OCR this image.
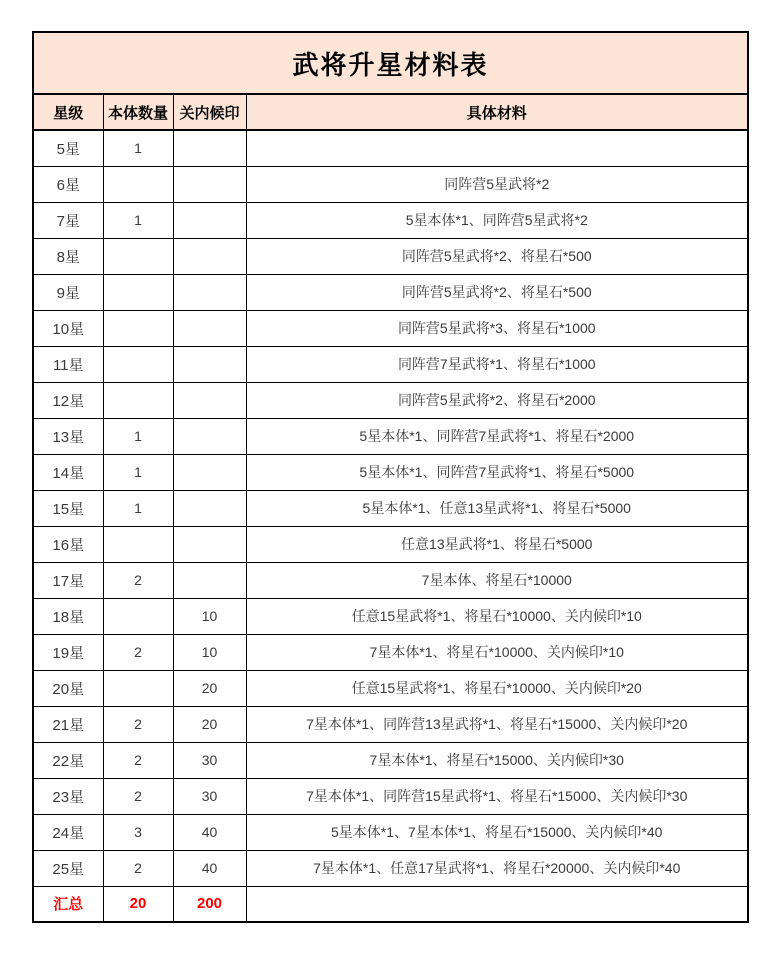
武将升星材料表			
星级	本体数量	关内候印	具体材料
5星	1		
6星			同阵营5星武将*2
7星	1		5星本体*1、同阵营5星武将*2
8星			同阵营5星武将*2、将星石*500
9星			同阵营5星武将*2、将星石*500
10星			同阵营5星武将*3、将星石*1000
11星			同阵营7星武将*1、将星石*1000
12星			同阵营5星武将*2、将星石*2000
13星	1		5星本体*1、同阵营7星武将*1、将星石*2000
14星	1		5星本体*1、同阵营7星武将*1、将星石*5000
15星	1		5星本体*1、任意13星武将*1、将星石*5000
16星			任意13星武将*1、将星石*5000
17星	2		7星本体、将星石*10000
18星		10	任意15星武将*1、将星石*10000、关内候印*10
19星	2	10	7星本体*1、将星石*10000、关内候印*10
20星		20	任意15星武将*1、将星石*10000、关内候印*20
21星	2	20	7星本体*1、同阵营13星武将*1、将星石*15000、关内候印*20
22星	2	30	7星本体*1、将星石*15000、关内候印*30
23星	2	30	7星本体*1、同阵营15星武将*1、将星石*15000、关内候印*30
24星	3	40	5星本体*1、7星本体*1、将星石*15000、关内候印*40
25星	2	40	7星本体*1、任意17星武将*1、将星石*20000、关内候印*40
汇总	20	200	
